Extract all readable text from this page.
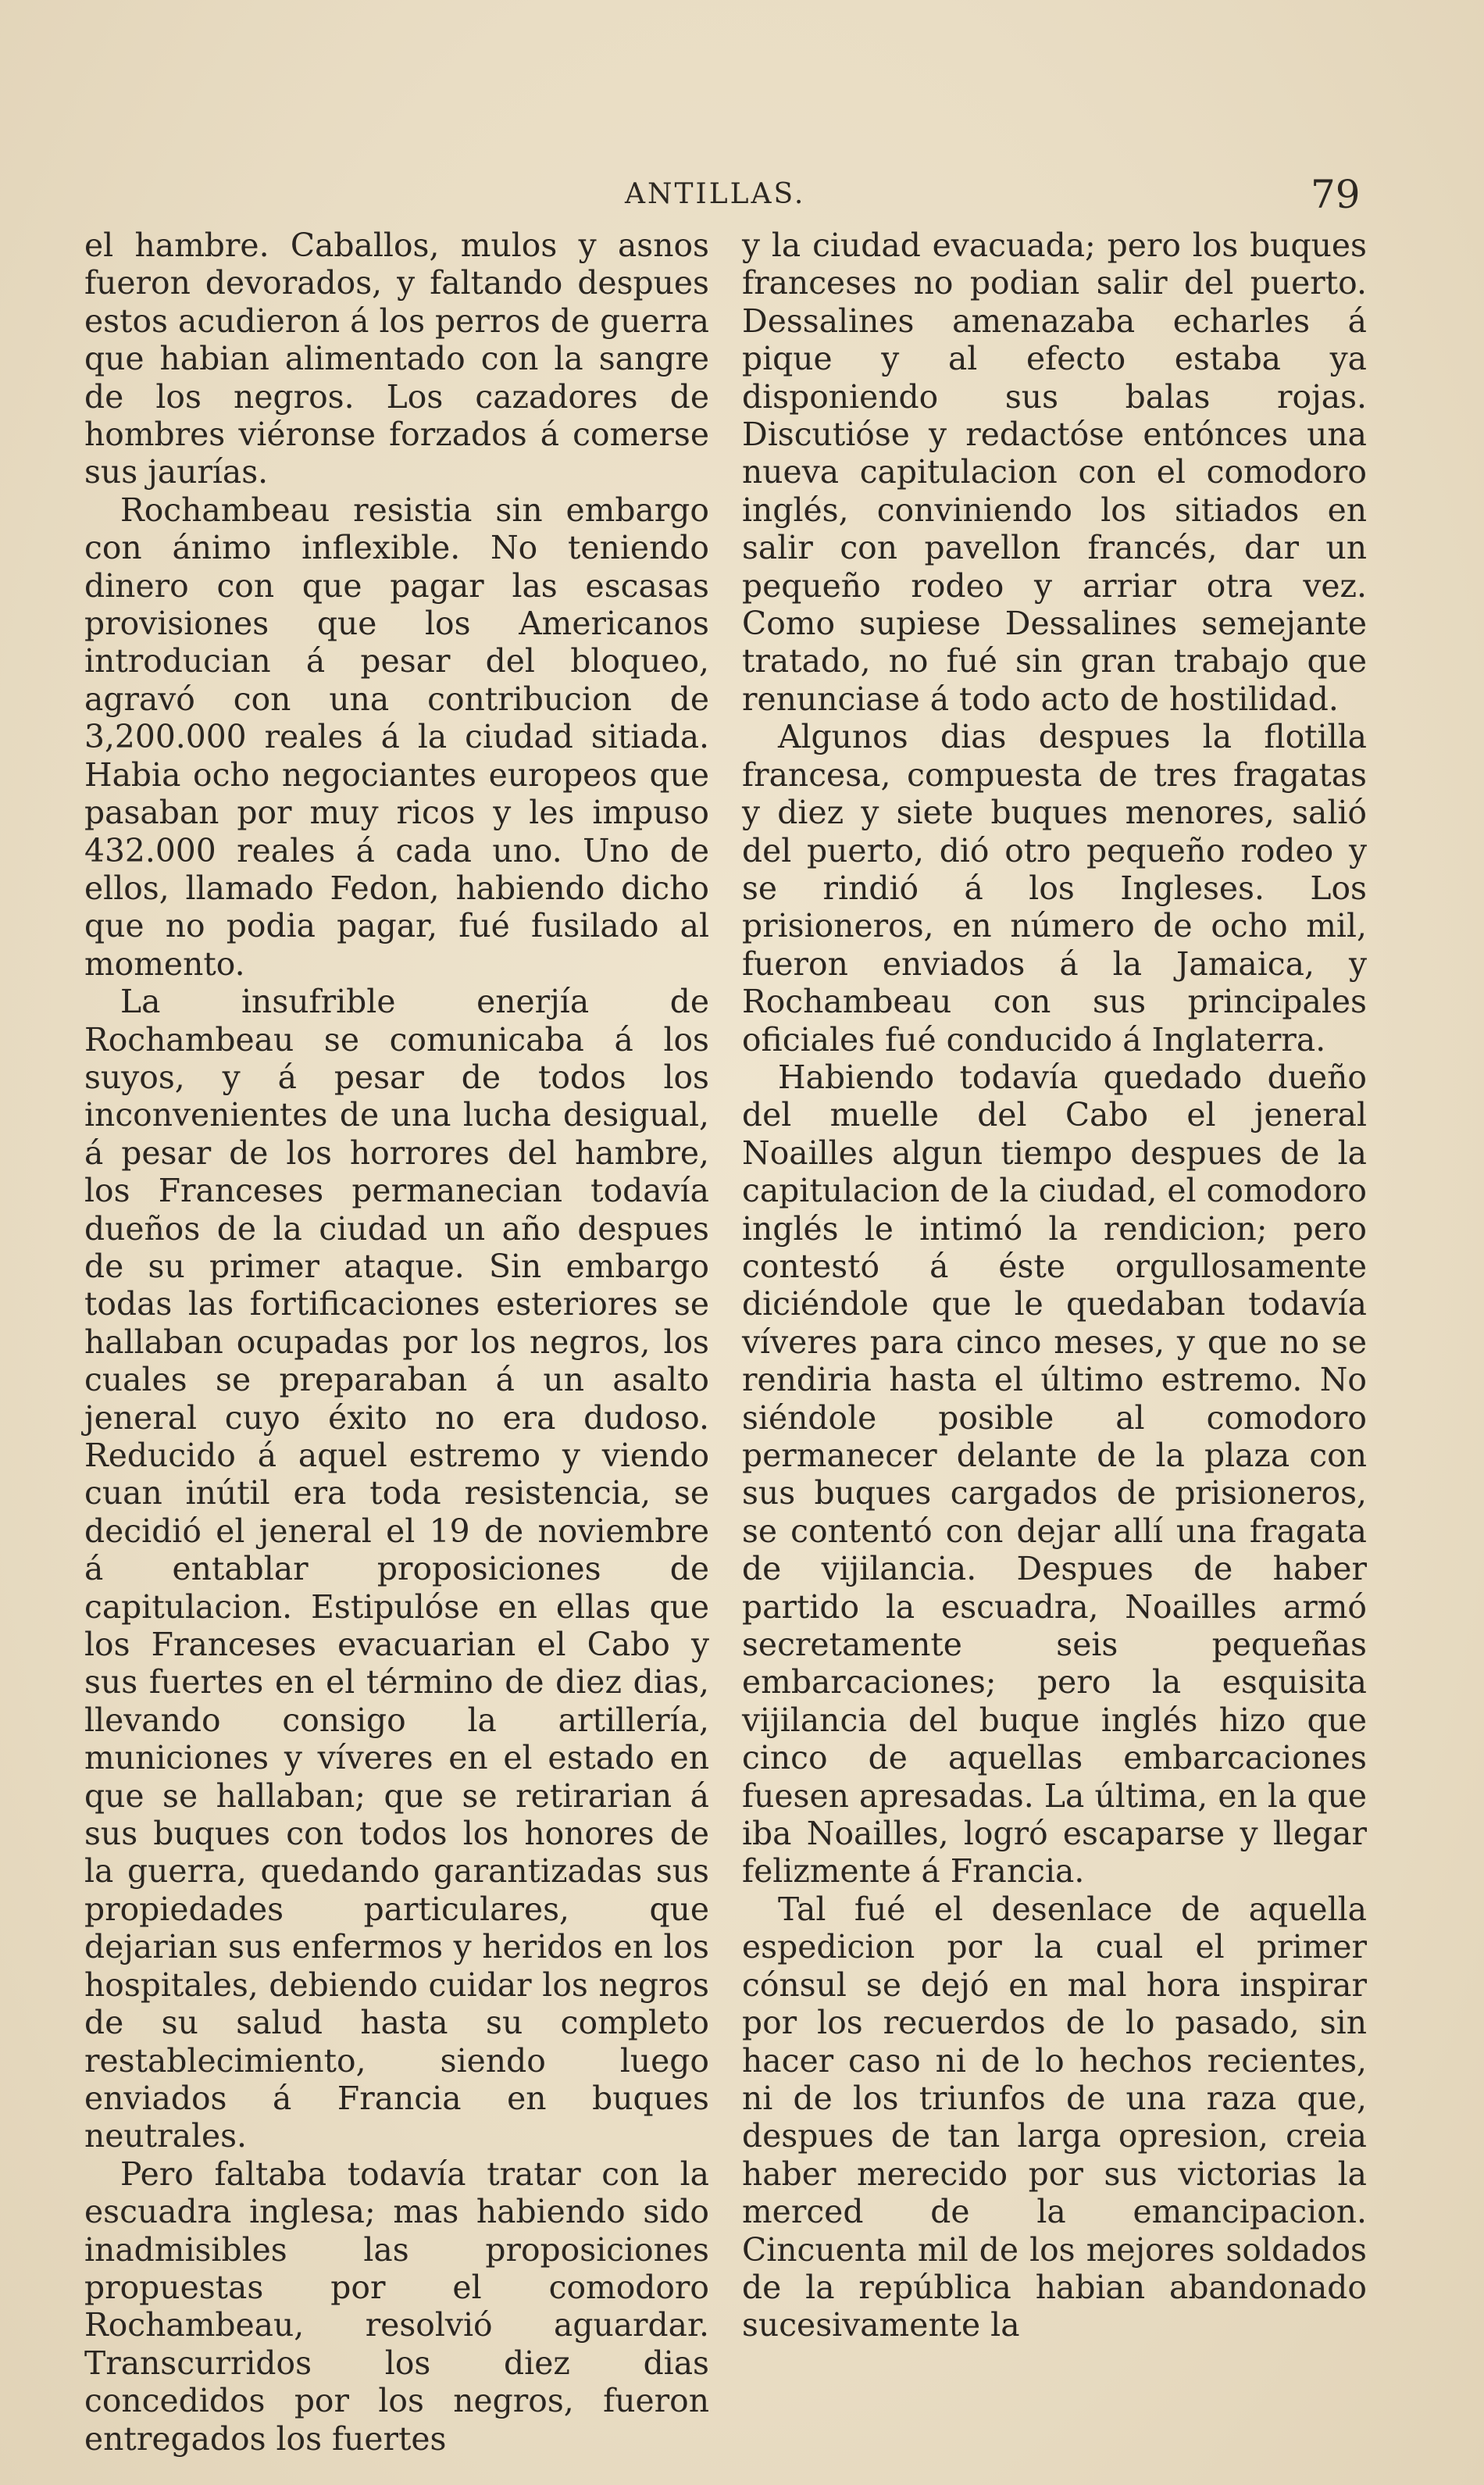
ANTILLAS.	79

el hambre. Caballos, mulos y asnos fueron devorados, y faltando despues estos acudieron á los perros de guerra que habian alimentado con la sangre de los negros. Los cazadores de hombres viéronse forzados á comerse sus jaurías.

Rochambeau resistia sin embargo con ánimo inflexible. No teniendo dinero con que pagar las escasas provisiones que los Americanos introducian á pesar del bloqueo, agravó con una contribucion de 3,200.000 reales á la ciudad sitiada. Habia ocho negociantes europeos que pasaban por muy ricos y les impuso 432.000 reales á cada uno. Uno de ellos, llamado Fedon, habiendo dicho que no podia pagar, fué fusilado al momento.

La insufrible enerjía de Rochambeau se comunicaba á los suyos, y á pesar de todos los inconvenientes de una lucha desigual, á pesar de los horrores del hambre, los Franceses permanecian todavía dueños de la ciudad un año despues de su primer ataque. Sin embargo todas las fortificaciones esteriores se hallaban ocupadas por los negros, los cuales se preparaban á un asalto jeneral cuyo éxito no era dudoso. Reducido á aquel estremo y viendo cuan inútil era toda resistencia, se decidió el jeneral el 19 de noviembre á entablar proposiciones de capitulacion. Estipulóse en ellas que los Franceses evacuarian el Cabo y sus fuertes en el término de diez dias, llevando consigo la artillería, municiones y víveres en el estado en que se hallaban; que se retirarian á sus buques con todos los honores de la guerra, quedando garantizadas sus propiedades particulares, que dejarian sus enfermos y heridos en los hospitales, debiendo cuidar los negros de su salud hasta su completo restablecimiento, siendo luego enviados á Francia en buques neutrales.

Pero faltaba todavía tratar con la escuadra inglesa; mas habiendo sido inadmisibles las proposiciones propuestas por el comodoro Rochambeau, resolvió aguardar. Transcurridos los diez dias concedidos por los negros, fueron entregados los fuertes

y la ciudad evacuada; pero los buques franceses no podian salir del puerto. Dessalines amenazaba echarles á pique y al efecto estaba ya disponiendo sus balas rojas. Discutióse y redactóse entónces una nueva capitulacion con el comodoro inglés, conviniendo los sitiados en salir con pavellon francés, dar un pequeño rodeo y arriar otra vez. Como supiese Dessalines semejante tratado, no fué sin gran trabajo que renunciase á todo acto de hostilidad.

Algunos dias despues la flotilla francesa, compuesta de tres fragatas y diez y siete buques menores, salió del puerto, dió otro pequeño rodeo y se rindió á los Ingleses. Los prisioneros, en número de ocho mil, fueron enviados á la Jamaica, y Rochambeau con sus principales oficiales fué conducido á Inglaterra.

Habiendo todavía quedado dueño del muelle del Cabo el jeneral Noailles algun tiempo despues de la capitulacion de la ciudad, el comodoro inglés le intimó la rendicion; pero contestó á éste orgullosamente diciéndole que le quedaban todavía víveres para cinco meses, y que no se rendiria hasta el último estremo. No siéndole posible al comodoro permanecer delante de la plaza con sus buques cargados de prisioneros, se contentó con dejar allí una fragata de vijilancia. Despues de haber partido la escuadra, Noailles armó secretamente seis pequeñas embarcaciones; pero la esquisita vijilancia del buque inglés hizo que cinco de aquellas embarcaciones fuesen apresadas. La última, en la que iba Noailles, logró escaparse y llegar felizmente á Francia.

Tal fué el desenlace de aquella espedicion por la cual el primer cónsul se dejó en mal hora inspirar por los recuerdos de lo pasado, sin hacer caso ni de lo hechos recientes, ni de los triunfos de una raza que, despues de tan larga opresion, creia haber merecido por sus victorias la merced de la emancipacion. Cincuenta mil de los mejores soldados de la república habian abandonado sucesivamente la
